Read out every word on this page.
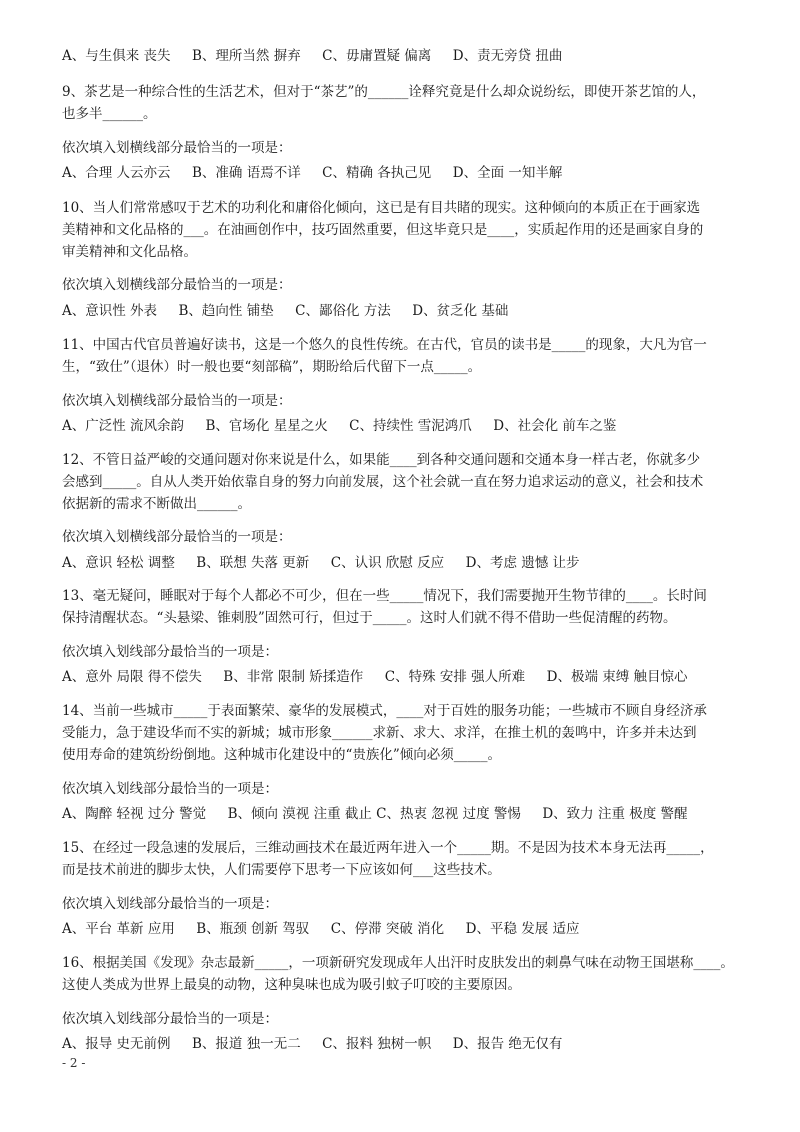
A、与生俱来 丧失     B、理所当然 摒弃     C、毋庸置疑 偏离     D、责无旁贷 扭曲
9、茶艺是一种综合性的生活艺术，但对于“茶艺”的______诠释究竟是什么却众说纷纭，即使开茶艺馆的人，
也多半______。
依次填入划横线部分最恰当的一项是：
A、合理 人云亦云     B、准确 语焉不详     C、精确 各执己见     D、全面 一知半解
10、当人们常常感叹于艺术的功利化和庸俗化倾向，这已是有目共睹的现实。这种倾向的本质正在于画家选
美精神和文化品格的___。在油画创作中，技巧固然重要，但这毕竟只是____，实质起作用的还是画家自身的
审美精神和文化品格。
依次填入划横线部分最恰当的一项是：
A、意识性 外表     B、趋向性 铺垫     C、鄙俗化 方法     D、贫乏化 基础
11、中国古代官员普遍好读书，这是一个悠久的良性传统。在古代，官员的读书是_____的现象，大凡为官一
生，“致仕”（退休）时一般也要“刻部稿”，期盼给后代留下一点_____。
依次填入划横线部分最恰当的一项是：
A、广泛性 流风余韵     B、官场化 星星之火     C、持续性 雪泥鸿爪     D、社会化 前车之鉴
12、不管日益严峻的交通问题对你来说是什么，如果能____到各种交通问题和交通本身一样古老，你就多少
会感到_____。自从人类开始依靠自身的努力向前发展，这个社会就一直在努力追求运动的意义，社会和技术
依据新的需求不断做出______。
依次填入划横线部分最恰当的一项是：
A、意识 轻松 调整     B、联想 失落 更新     C、认识 欣慰 反应     D、考虑 遗憾 让步
13、毫无疑问，睡眠对于每个人都必不可少，但在一些_____情况下，我们需要抛开生物节律的____。长时间
保持清醒状态。“头悬梁、锥刺股”固然可行，但过于_____。这时人们就不得不借助一些促清醒的药物。
依次填入划线部分最恰当的一项是：
A、意外 局限 得不偿失     B、非常 限制 矫揉造作     C、特殊 安排 强人所难     D、极端 束缚 触目惊心
14、当前一些城市_____于表面繁荣、豪华的发展模式，____对于百姓的服务功能；一些城市不顾自身经济承
受能力，急于建设华而不实的新城；城市形象______求新、求大、求洋，在推土机的轰鸣中，许多并未达到
使用寿命的建筑纷纷倒地。这种城市化建设中的“贵族化”倾向必须_____。
依次填入划线部分最恰当的一项是：
A、陶醉 轻视 过分 警觉     B、倾向 漠视 注重 截止 C、热衷 忽视 过度 警惕     D、致力 注重 极度 警醒
15、在经过一段急速的发展后，三维动画技术在最近两年进入一个_____期。不是因为技术本身无法再_____，
而是技术前进的脚步太快，人们需要停下思考一下应该如何___这些技术。
依次填入划线部分最恰当的一项是：
A、平台 革新 应用     B、瓶颈 创新 驾驭     C、停滞 突破 消化     D、平稳 发展 适应
16、根据美国《发现》杂志最新_____，一项新研究发现成年人出汗时皮肤发出的刺鼻气味在动物王国堪称____。
这使人类成为世界上最臭的动物，这种臭味也成为吸引蚊子叮咬的主要原因。
依次填入划线部分最恰当的一项是：
A、报导 史无前例     B、报道 独一无二     C、报料 独树一帜     D、报告 绝无仅有
- 2 -
